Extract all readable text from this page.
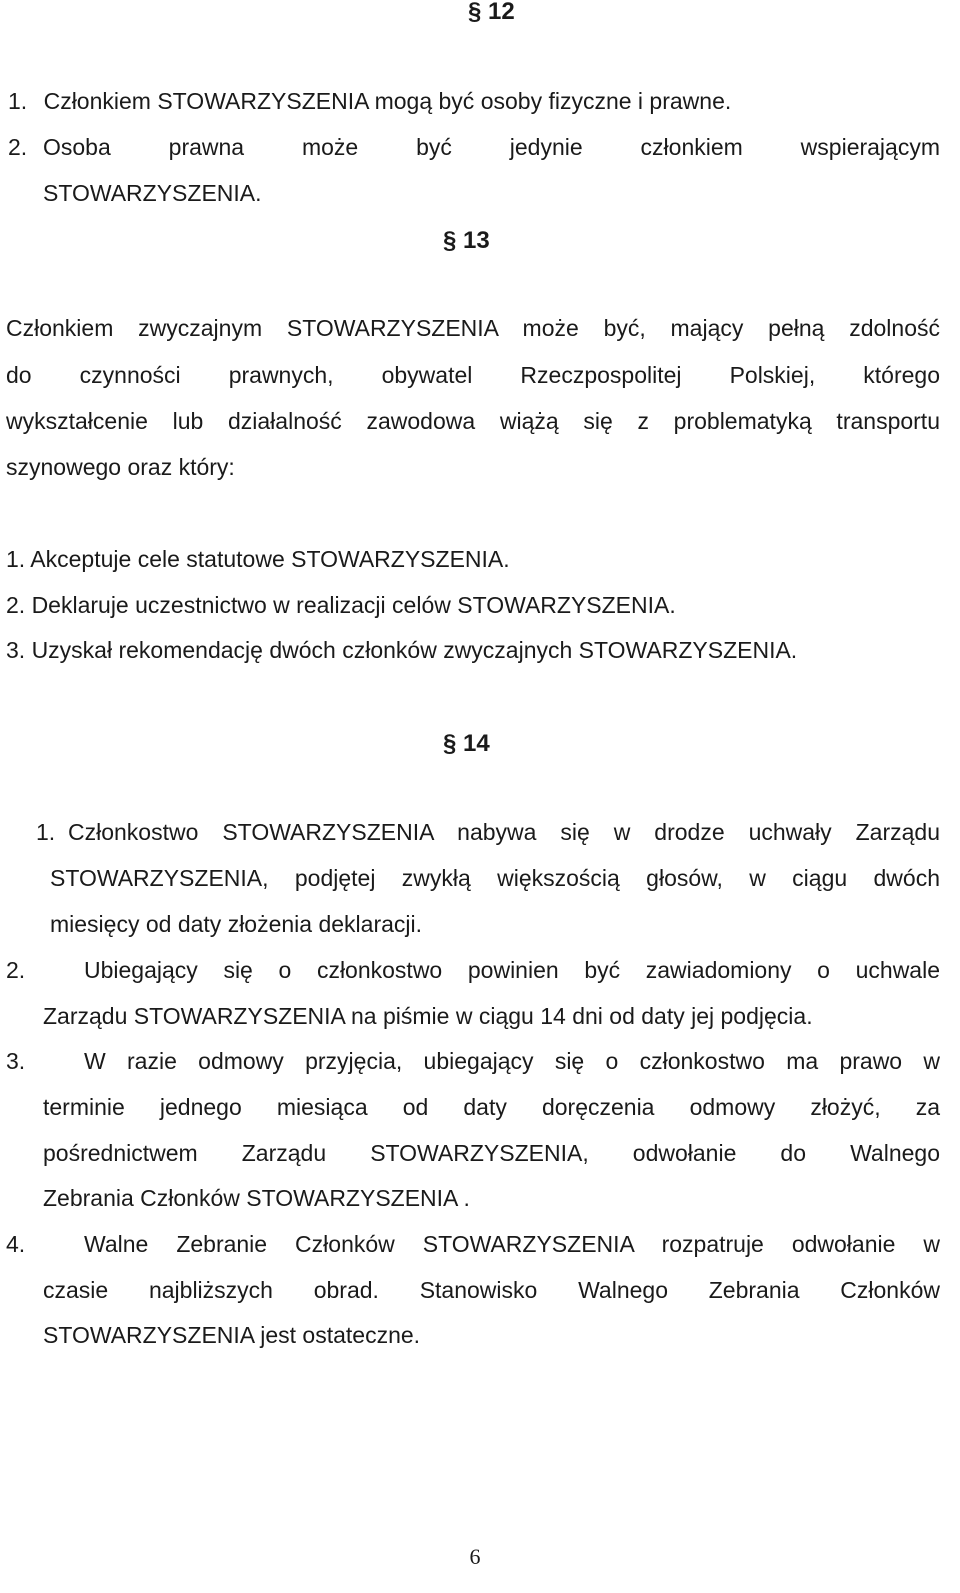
§ 12
1. Członkiem STOWARZYSZENIA mogą być osoby fizyczne i prawne.
2. Osoba prawna może być jedynie członkiem wspierającym
STOWARZYSZENIA.
§ 13
Członkiem zwyczajnym STOWARZYSZENIA może być, mający pełną zdolność
do czynności prawnych, obywatel Rzeczpospolitej Polskiej, którego
wykształcenie lub działalność zawodowa wiążą się z problematyką transportu
szynowego oraz który:
1. Akceptuje cele statutowe STOWARZYSZENIA.
2. Deklaruje uczestnictwo w realizacji celów STOWARZYSZENIA.
3. Uzyskał rekomendację dwóch członków zwyczajnych STOWARZYSZENIA.
§ 14
1. Członkostwo STOWARZYSZENIA nabywa się w drodze uchwały Zarządu
STOWARZYSZENIA, podjętej zwykłą większością głosów, w ciągu dwóch
miesięcy od daty złożenia deklaracji.
2.	Ubiegający się o członkostwo powinien być zawiadomiony o uchwale
Zarządu STOWARZYSZENIA na piśmie w ciągu 14 dni od daty jej podjęcia.
3.	W razie odmowy przyjęcia, ubiegający się o członkostwo ma prawo w
terminie jednego miesiąca od daty doręczenia odmowy złożyć, za
pośrednictwem Zarządu STOWARZYSZENIA, odwołanie do Walnego
Zebrania Członków STOWARZYSZENIA .
4.	Walne Zebranie Członków STOWARZYSZENIA rozpatruje odwołanie w
czasie najbliższych obrad. Stanowisko Walnego Zebrania Członków
STOWARZYSZENIA jest ostateczne.
6
